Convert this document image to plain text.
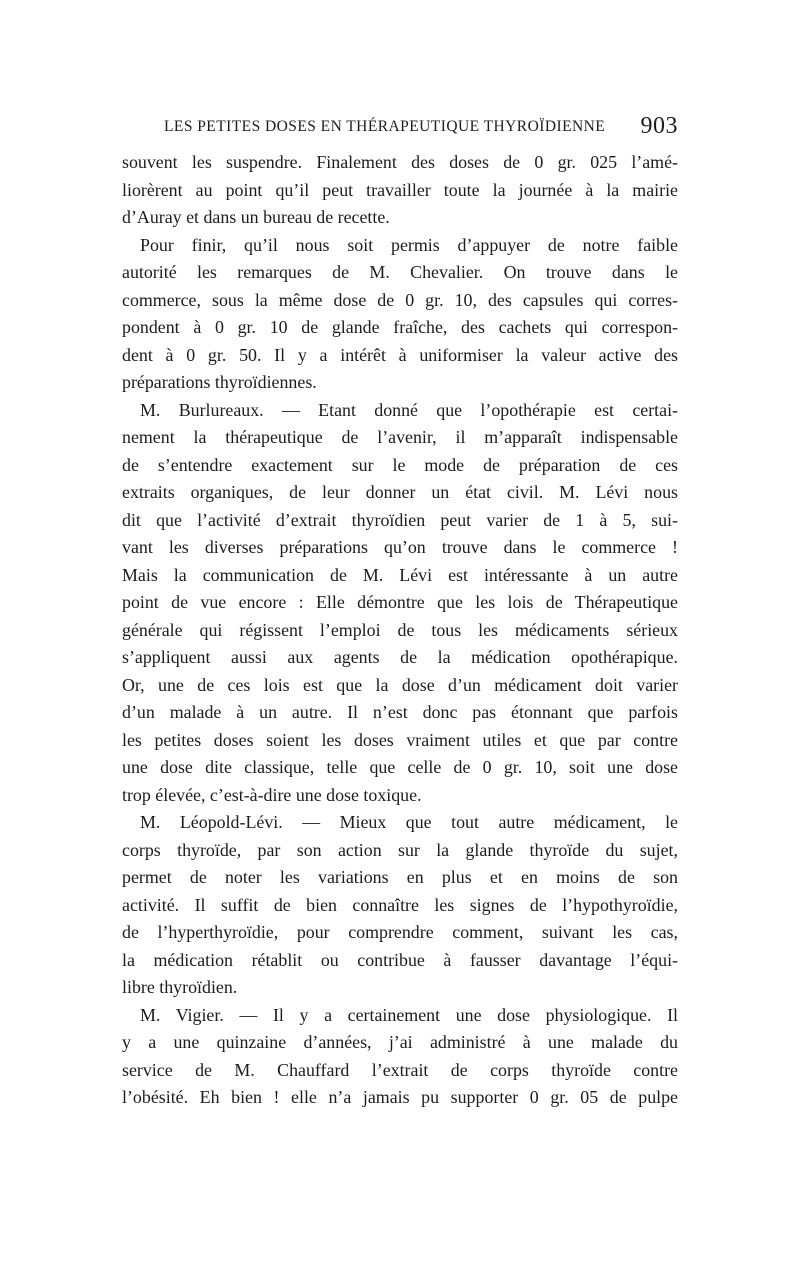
LES PETITES DOSES EN THÉRAPEUTIQUE THYROÏDIENNE 903
souvent les suspendre. Finalement des doses de 0 gr. 025 l’amé-
liorèrent au point qu’il peut travailler toute la journée à la mairie
d’Auray et dans un bureau de recette.
Pour finir, qu’il nous soit permis d’appuyer de notre faible
autorité les remarques de M. Chevalier. On trouve dans le
commerce, sous la même dose de 0 gr. 10, des capsules qui corres-
pondent à 0 gr. 10 de glande fraîche, des cachets qui correspon-
dent à 0 gr. 50. Il y a intérêt à uniformiser la valeur active des
préparations thyroïdiennes.
M. Burlureaux. — Etant donné que l’opothérapie est certai-
nement la thérapeutique de l’avenir, il m’apparaît indispensable
de s’entendre exactement sur le mode de préparation de ces
extraits organiques, de leur donner un état civil. M. Lévi nous
dit que l’activité d’extrait thyroïdien peut varier de 1 à 5, sui-
vant les diverses préparations qu’on trouve dans le commerce !
Mais la communication de M. Lévi est intéressante à un autre
point de vue encore : Elle démontre que les lois de Thérapeutique
générale qui régissent l’emploi de tous les médicaments sérieux
s’appliquent aussi aux agents de la médication opothérapique.
Or, une de ces lois est que la dose d’un médicament doit varier
d’un malade à un autre. Il n’est donc pas étonnant que parfois
les petites doses soient les doses vraiment utiles et que par contre
une dose dite classique, telle que celle de 0 gr. 10, soit une dose
trop élevée, c’est-à-dire une dose toxique.
M. Léopold-Lévi. — Mieux que tout autre médicament, le
corps thyroïde, par son action sur la glande thyroïde du sujet,
permet de noter les variations en plus et en moins de son
activité. Il suffit de bien connaître les signes de l’hypothyroïdie,
de l’hyperthyroïdie, pour comprendre comment, suivant les cas,
la médication rétablit ou contribue à fausser davantage l’équi-
libre thyroïdien.
M. Vigier. — Il y a certainement une dose physiologique. Il
y a une quinzaine d’années, j’ai administré à une malade du
service de M. Chauffard l’extrait de corps thyroïde contre
l’obésité. Eh bien ! elle n’a jamais pu supporter 0 gr. 05 de pulpe
